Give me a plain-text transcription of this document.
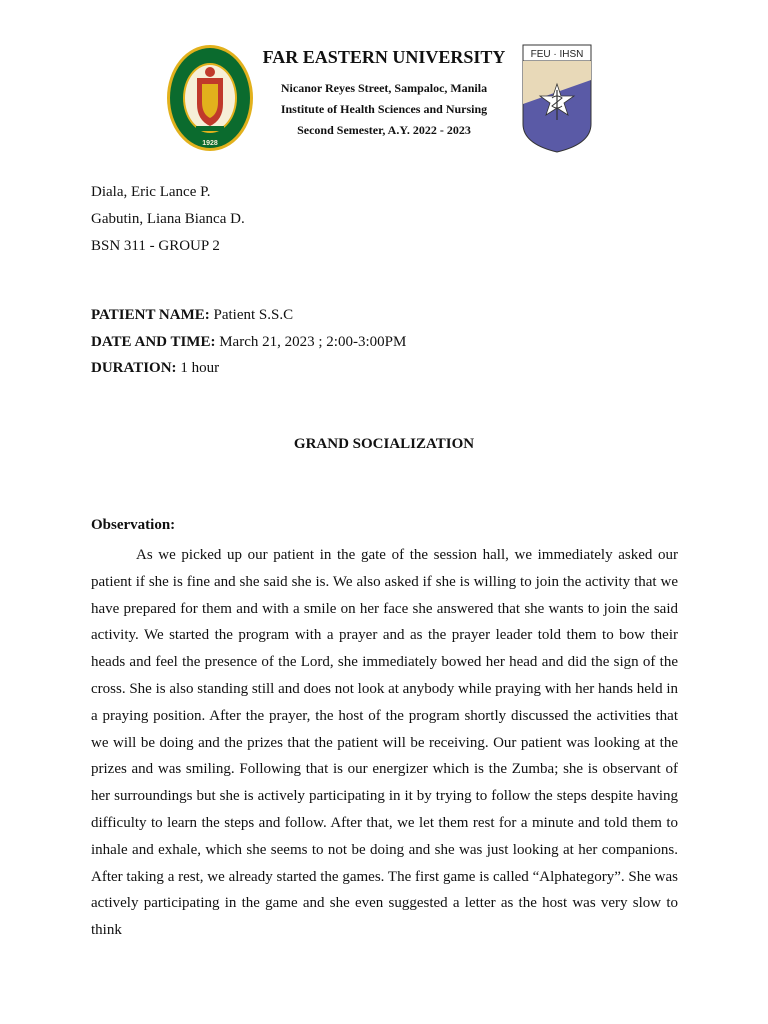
1928
FEU · IHSN

FAR EASTERN UNIVERSITY

Nicanor Reyes Street, Sampaloc, Manila

Institute of Health Sciences and Nursing

Second Semester, A.Y. 2022 - 2023

Diala, Eric Lance P.
Gabutin, Liana Bianca D.
BSN 311 - GROUP 2
PATIENT NAME: Patient S.S.C
DATE AND TIME: March 21, 2023 ; 2:00-3:00PM
DURATION: 1 hour
GRAND SOCIALIZATION
Observation:

As we picked up our patient in the gate of the session hall, we immediately asked our patient if she is fine and she said she is. We also asked if she is willing to join the activity that we have prepared for them and with a smile on her face she answered that she wants to join the said activity. We started the program with a prayer and as the prayer leader told them to bow their heads and feel the presence of the Lord, she immediately bowed her head and did the sign of the cross. She is also standing still and does not look at anybody while praying with her hands held in a praying position. After the prayer, the host of the program shortly discussed the activities that we will be doing and the prizes that the patient will be receiving. Our patient was looking at the prizes and was smiling. Following that is our energizer which is the Zumba; she is observant of her surroundings but she is actively participating in it by trying to follow the steps despite having difficulty to learn the steps and follow. After that, we let them rest for a minute and told them to inhale and exhale, which she seems to not be doing and she was just looking at her companions. After taking a rest, we already started the games. The first game is called “Alphategory”. She was actively participating in the game and she even suggested a letter as the host was very slow to think
